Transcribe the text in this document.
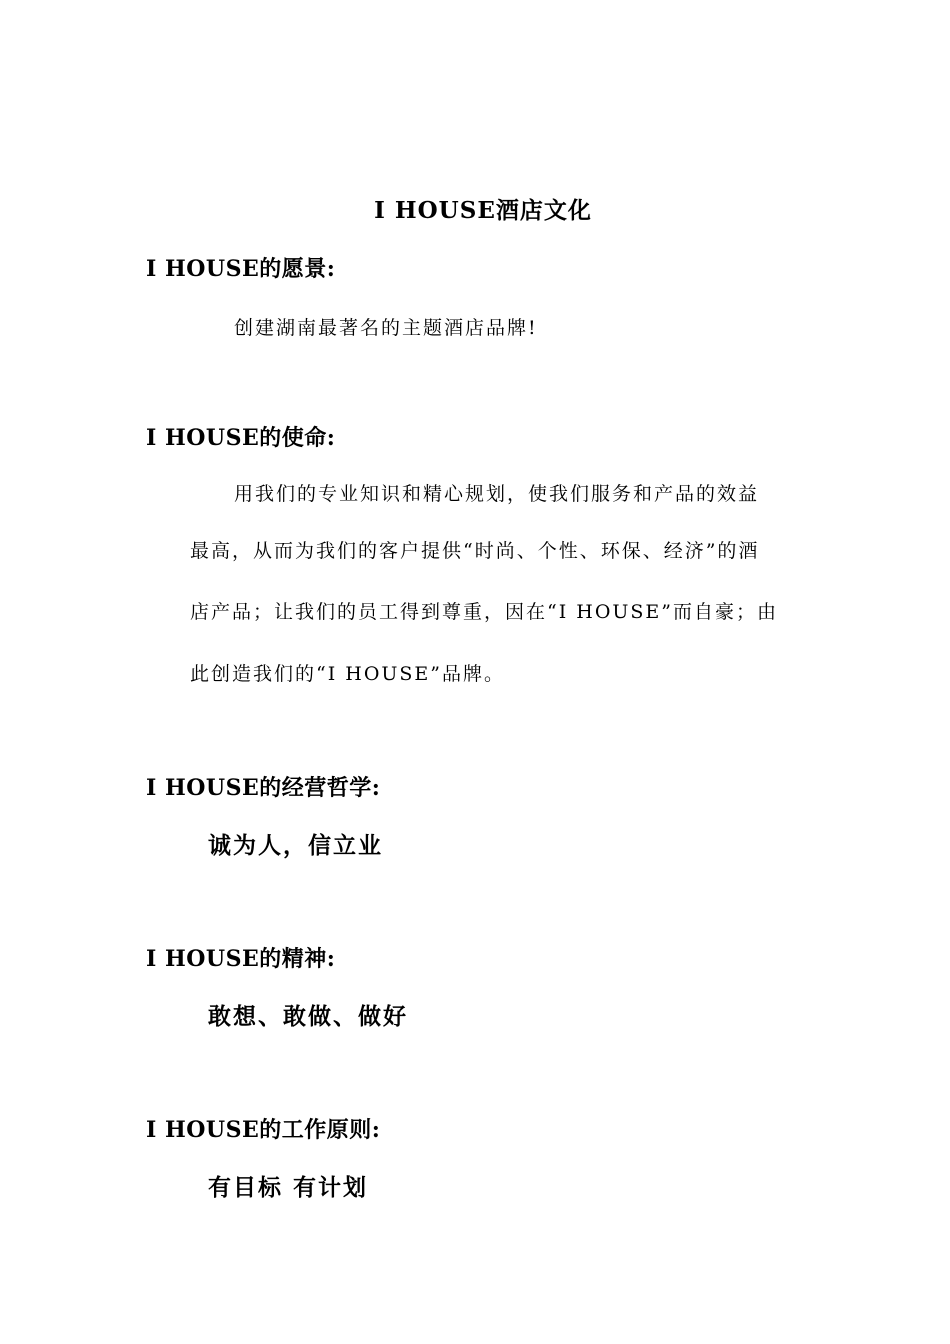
I HOUSE酒店文化
I HOUSE的愿景:
创建湖南最著名的主题酒店品牌!
I HOUSE的使命:
用我们的专业知识和精心规划，使我们服务和产品的效益
最高，从而为我们的客户提供“时尚、个性、环保、经济”的酒
店产品；让我们的员工得到尊重，因在“I HOUSE”而自豪；由
此创造我们的“I HOUSE”品牌。
I HOUSE的经营哲学:
诚为人，信立业
I HOUSE的精神:
敢想、敢做、做好
I HOUSE的工作原则:
有目标 有计划
